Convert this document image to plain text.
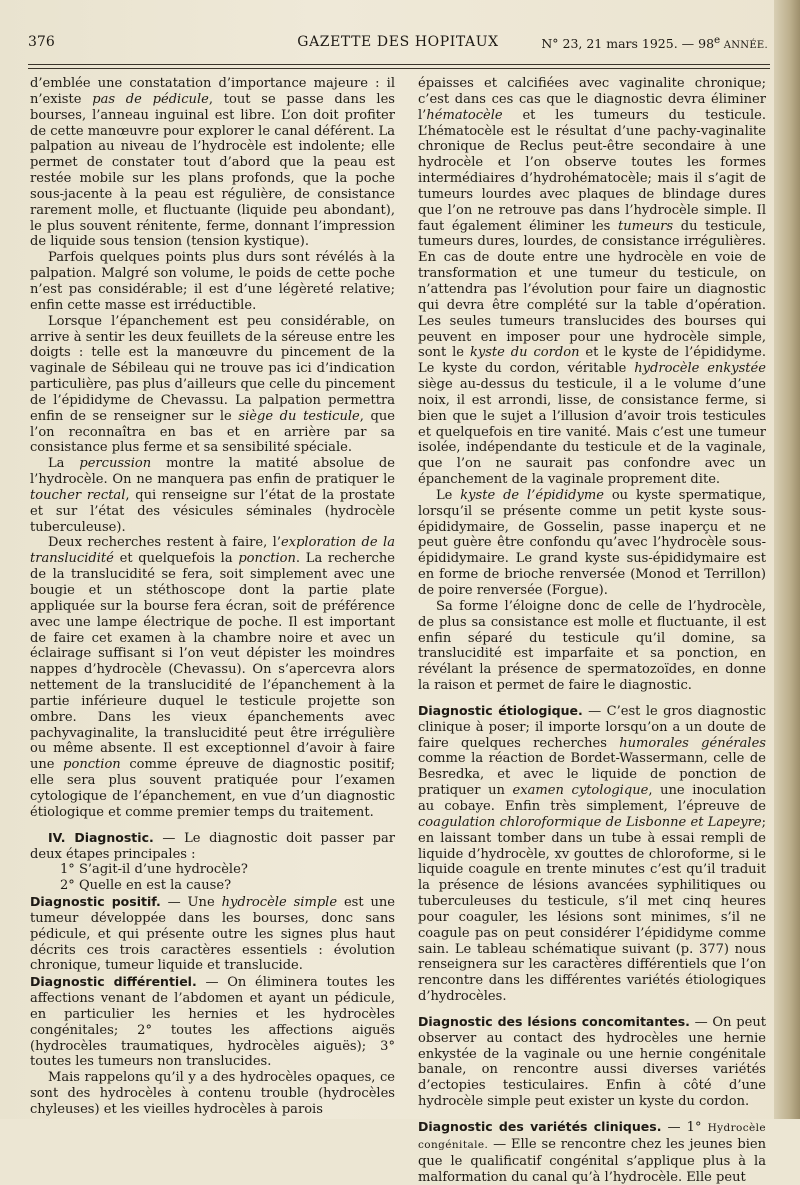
376	GAZETTE DES HOPITAUX	N° 23, 21 mars 1925. — 98e ANNÉE.

d’emblée une constatation d’importance majeure : il n’existe pas de pédicule, tout se passe dans les bourses, l’anneau inguinal est libre. L’on doit profiter de cette manœuvre pour explorer le canal déférent. La palpation au niveau de l’hydrocèle est indolente; elle permet de constater tout d’abord que la peau est restée mobile sur les plans profonds, que la poche sous-jacente à la peau est régulière, de consistance rarement molle, et fluctuante (liquide peu abondant), le plus souvent rénitente, ferme, donnant l’impression de liquide sous tension (tension kystique).

Parfois quelques points plus durs sont révélés à la palpation. Malgré son volume, le poids de cette poche n’est pas considérable; il est d’une légèreté relative; enfin cette masse est irréductible.

Lorsque l’épanchement est peu considérable, on arrive à sentir les deux feuillets de la séreuse entre les doigts : telle est la manœuvre du pincement de la vaginale de Sébileau qui ne trouve pas ici d’indication particulière, pas plus d’ailleurs que celle du pincement de l’épididyme de Chevassu. La palpation permettra enfin de se renseigner sur le siège du testicule, que l’on reconnaîtra en bas et en arrière par sa consistance plus ferme et sa sensibilité spéciale.

La percussion montre la matité absolue de l’hydrocèle. On ne manquera pas enfin de pratiquer le toucher rectal, qui renseigne sur l’état de la prostate et sur l’état des vésicules séminales (hydrocèle tuberculeuse).

Deux recherches restent à faire, l’exploration de la translucidité et quelquefois la ponction. La recherche de la translucidité se fera, soit simplement avec une bougie et un stéthoscope dont la partie plate appliquée sur la bourse fera écran, soit de préférence avec une lampe électrique de poche. Il est important de faire cet examen à la chambre noire et avec un éclairage suffisant si l’on veut dépister les moindres nappes d’hydrocèle (Chevassu). On s’apercevra alors nettement de la translucidité de l’épanchement à la partie inférieure duquel le testicule projette son ombre. Dans les vieux épanchements avec pachyvaginalite, la translucidité peut être irrégulière ou même absente. Il est exceptionnel d’avoir à faire une ponction comme épreuve de diagnostic positif; elle sera plus souvent pratiquée pour l’examen cytologique de l’épanchement, en vue d’un diagnostic étiologique et comme premier temps du traitement.

IV. Diagnostic. — Le diagnostic doit passer par deux étapes principales :

1° S’agit-il d’une hydrocèle?

2° Quelle en est la cause?

Diagnostic positif. — Une hydrocèle simple est une tumeur développée dans les bourses, donc sans pédicule, et qui présente outre les signes plus haut décrits ces trois caractères essentiels : évolution chronique, tumeur liquide et translucide.

Diagnostic différentiel. — On éliminera toutes les affections venant de l’abdomen et ayant un pédicule, en particulier les hernies et les hydrocèles congénitales; 2° toutes les affections aiguës (hydrocèles traumatiques, hydrocèles aiguës); 3° toutes les tumeurs non translucides.

Mais rappelons qu’il y a des hydrocèles opaques, ce sont des hydrocèles à contenu trouble (hydrocèles chyleuses) et les vieilles hydrocèles à parois

épaisses et calcifiées avec vaginalite chronique; c’est dans ces cas que le diagnostic devra éliminer l’hématocèle et les tumeurs du testicule. L’hématocèle est le résultat d’une pachy-vaginalite chronique de Reclus peut-être secondaire à une hydrocèle et l’on observe toutes les formes intermédiaires d’hydrohématocèle; mais il s’agit de tumeurs lourdes avec plaques de blindage dures que l’on ne retrouve pas dans l’hydrocèle simple. Il faut également éliminer les tumeurs du testicule, tumeurs dures, lourdes, de consistance irrégulières. En cas de doute entre une hydrocèle en voie de transformation et une tumeur du testicule, on n’attendra pas l’évolution pour faire un diagnostic qui devra être complété sur la table d’opération. Les seules tumeurs translucides des bourses qui peuvent en imposer pour une hydrocèle simple, sont le kyste du cordon et le kyste de l’épididyme. Le kyste du cordon, véritable hydrocèle enkystée siège au-dessus du testicule, il a le volume d’une noix, il est arrondi, lisse, de consistance ferme, si bien que le sujet a l’illusion d’avoir trois testicules et quelquefois en tire vanité. Mais c’est une tumeur isolée, indépendante du testicule et de la vaginale, que l’on ne saurait pas confondre avec un épanchement de la vaginale proprement dite.

Le kyste de l’épididyme ou kyste spermatique, lorsqu’il se présente comme un petit kyste sous-épididymaire, de Gosselin, passe inaperçu et ne peut guère être confondu qu’avec l’hydrocèle sous-épididymaire. Le grand kyste sus-épididymaire est en forme de brioche renversée (Monod et Terrillon) de poire renversée (Forgue).

Sa forme l’éloigne donc de celle de l’hydrocèle, de plus sa consistance est molle et fluctuante, il est enfin séparé du testicule qu’il domine, sa translucidité est imparfaite et sa ponction, en révélant la présence de spermatozoïdes, en donne la raison et permet de faire le diagnostic.

Diagnostic étiologique. — C’est le gros diagnostic clinique à poser; il importe lorsqu’on a un doute de faire quelques recherches humorales générales comme la réaction de Bordet-Wassermann, celle de Besredka, et avec le liquide de ponction de pratiquer un examen cytologique, une inoculation au cobaye. Enfin très simplement, l’épreuve de coagulation chloroformique de Lisbonne et Lapeyre; en laissant tomber dans un tube à essai rempli de liquide d’hydrocèle, xv gouttes de chloroforme, si le liquide coagule en trente minutes c’est qu’il traduit la présence de lésions avancées syphilitiques ou tuberculeuses du testicule, s’il met cinq heures pour coaguler, les lésions sont minimes, s’il ne coagule pas on peut considérer l’épididyme comme sain. Le tableau schématique suivant (p. 377) nous renseignera sur les caractères différentiels que l’on rencontre dans les différentes variétés étiologiques d’hydrocèles.

Diagnostic des lésions concomitantes. — On peut observer au contact des hydrocèles une hernie enkystée de la vaginale ou une hernie congénitale banale, on rencontre aussi diverses variétés d’ectopies testiculaires. Enfin à côté d’une hydrocèle simple peut exister un kyste du cordon.

Diagnostic des variétés cliniques. — 1° Hydrocèle congénitale. — Elle se rencontre chez les jeunes bien que le qualificatif congénital s’applique plus à la malformation du canal qu’à l’hydrocèle. Elle peut
